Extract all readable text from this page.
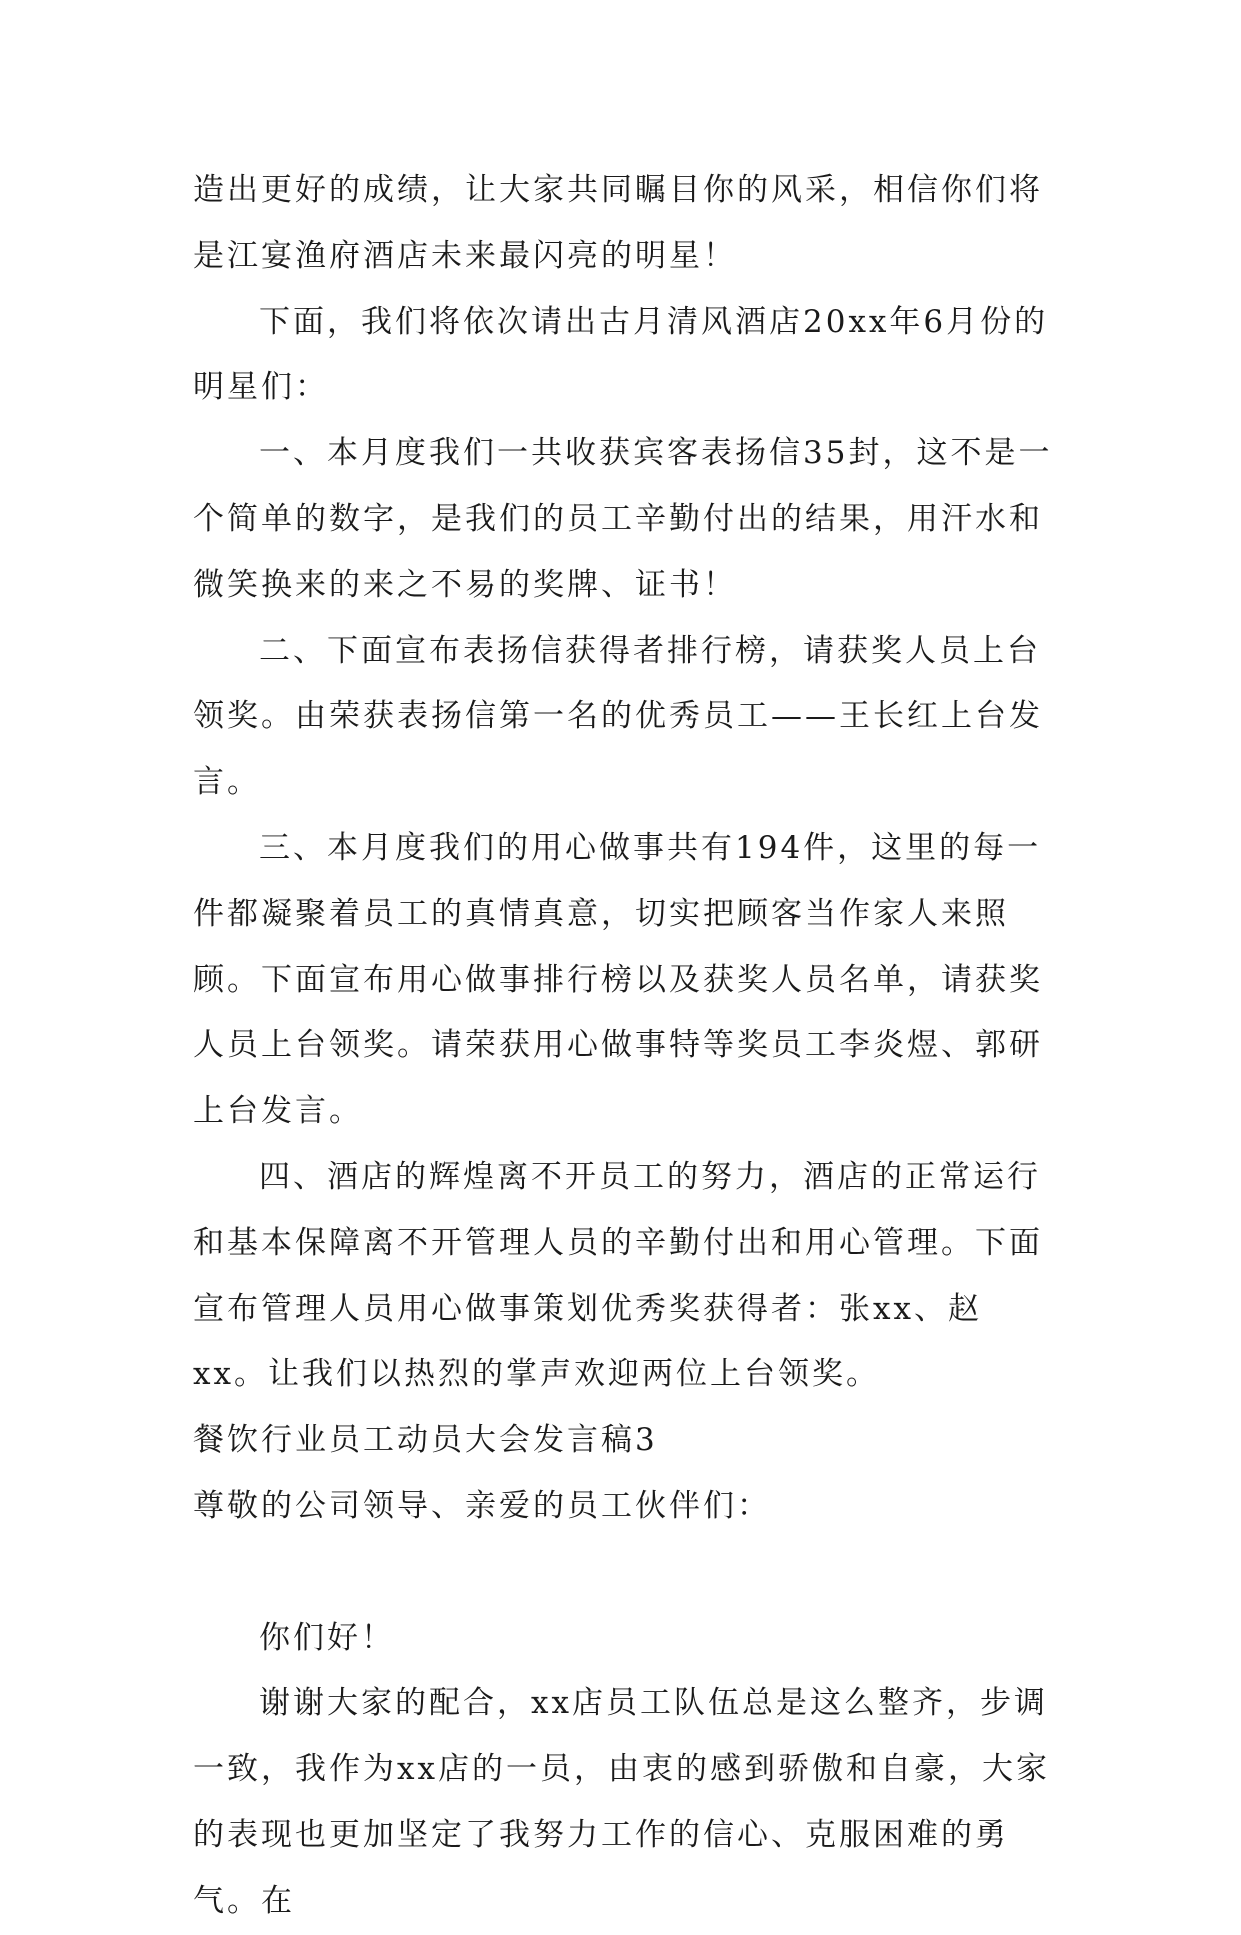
造出更好的成绩，让大家共同瞩目你的风采，相信你们将是江宴渔府酒店未来最闪亮的明星！

下面，我们将依次请出古月清风酒店20xx年6月份的明星们：

一、本月度我们一共收获宾客表扬信35封，这不是一个简单的数字，是我们的员工辛勤付出的结果，用汗水和微笑换来的来之不易的奖牌、证书！

二、下面宣布表扬信获得者排行榜，请获奖人员上台领奖。由荣获表扬信第一名的优秀员工——王长红上台发言。

三、本月度我们的用心做事共有194件，这里的每一件都凝聚着员工的真情真意，切实把顾客当作家人来照顾。下面宣布用心做事排行榜以及获奖人员名单，请获奖人员上台领奖。请荣获用心做事特等奖员工李炎煜、郭研上台发言。

四、酒店的辉煌离不开员工的努力，酒店的正常运行和基本保障离不开管理人员的辛勤付出和用心管理。下面宣布管理人员用心做事策划优秀奖获得者：张xx、赵xx。让我们以热烈的掌声欢迎两位上台领奖。

餐饮行业员工动员大会发言稿3

尊敬的公司领导、亲爱的员工伙伴们：

你们好！

谢谢大家的配合，xx店员工队伍总是这么整齐，步调一致，我作为xx店的一员，由衷的感到骄傲和自豪，大家的表现也更加坚定了我努力工作的信心、克服困难的勇气。在
